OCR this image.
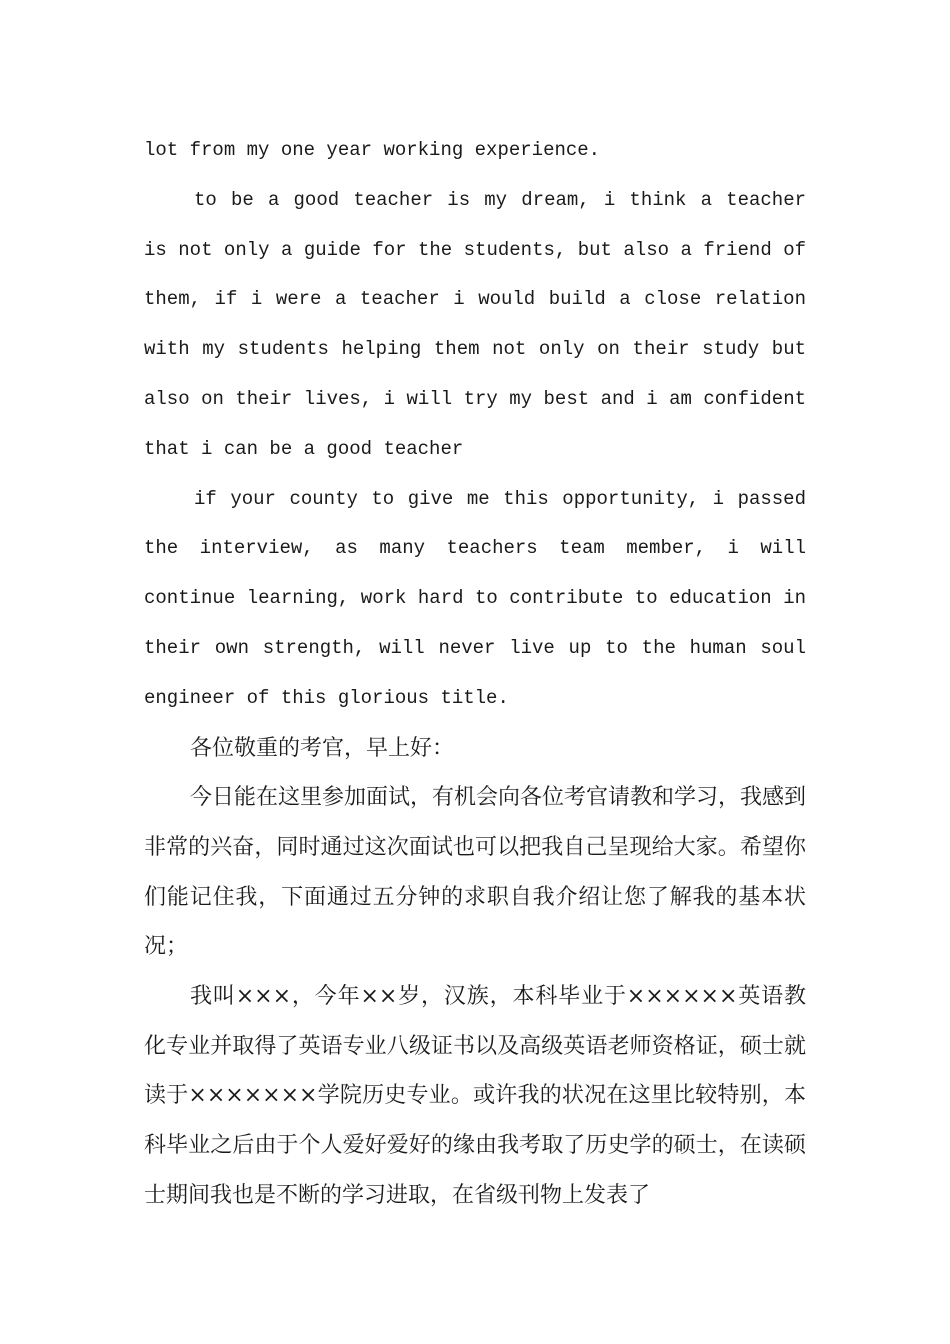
lot from my one year working experience.

to be a good teacher is my dream, i think a teacher is not only a guide for the students, but also a friend of them, if i were a teacher i would build a close relation with my students helping them not only on their study but also on their lives, i will try my best and i am confident that i can be a good teacher

if your county to give me this opportunity, i passed the interview, as many teachers team member, i will continue learning, work hard to contribute to education in their own strength, will never live up to the human soul engineer of this glorious title.

各位敬重的考官，早上好：

今日能在这里参加面试，有机会向各位考官请教和学习，我感到非常的兴奋，同时通过这次面试也可以把我自己呈现给大家。希望你们能记住我，下面通过五分钟的求职自我介绍让您了解我的基本状况；

我叫×××，今年××岁，汉族，本科毕业于××××××英语教化专业并取得了英语专业八级证书以及高级英语老师资格证，硕士就读于×××××××学院历史专业。或许我的状况在这里比较特别，本科毕业之后由于个人爱好爱好的缘由我考取了历史学的硕士，在读硕士期间我也是不断的学习进取，在省级刊物上发表了
